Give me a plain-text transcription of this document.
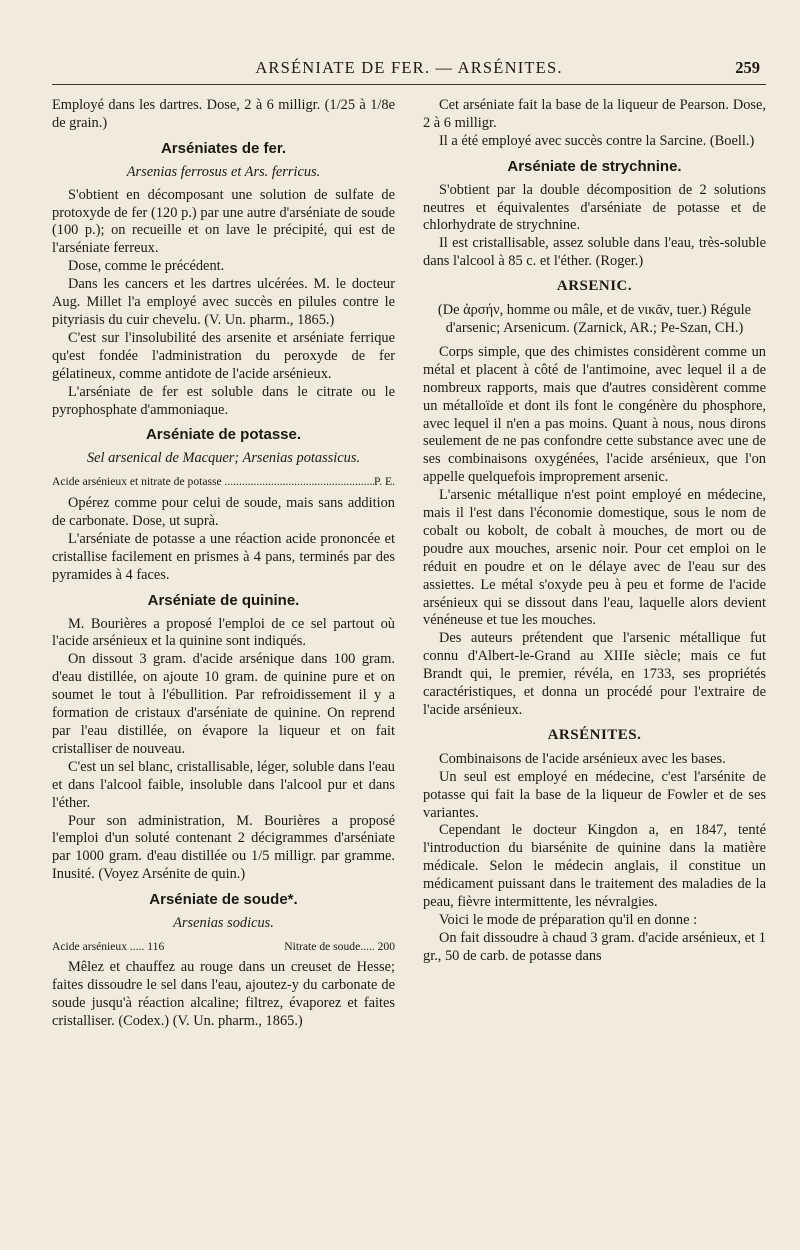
ARSÉNIATE DE FER. — ARSÉNITES.	259

Employé dans les dartres. Dose, 2 à 6 milligr. (1/25 à 1/8e de grain.)

Arséniates de fer.
Arsenias ferrosus et Ars. ferricus.

S'obtient en décomposant une solution de sulfate de protoxyde de fer (120 p.) par une autre d'arséniate de soude (100 p.); on recueille et on lave le précipité, qui est de l'arséniate ferreux.

Dose, comme le précédent.

Dans les cancers et les dartres ulcérées. M. le docteur Aug. Millet l'a employé avec succès en pilules contre le pityriasis du cuir chevelu. (V. Un. pharm., 1865.)

C'est sur l'insolubilité des arsenite et arséniate ferrique qu'est fondée l'administration du peroxyde de fer gélatineux, comme antidote de l'acide arsénieux.

L'arséniate de fer est soluble dans le citrate ou le pyrophosphate d'ammoniaque.

Arséniate de potasse.
Sel arsenical de Macquer; Arsenias potassicus.
Acide arsénieux et nitrate de potasse .....	P. E.

Opérez comme pour celui de soude, mais sans addition de carbonate. Dose, ut suprà.

L'arséniate de potasse a une réaction acide prononcée et cristallise facilement en prismes à 4 pans, terminés par des pyramides à 4 faces.

Arséniate de quinine.

M. Bourières a proposé l'emploi de ce sel partout où l'acide arsénieux et la quinine sont indiqués.

On dissout 3 gram. d'acide arsénique dans 100 gram. d'eau distillée, on ajoute 10 gram. de quinine pure et on soumet le tout à l'ébullition. Par refroidissement il y a formation de cristaux d'arséniate de quinine. On reprend par l'eau distillée, on évapore la liqueur et on fait cristalliser de nouveau.

C'est un sel blanc, cristallisable, léger, soluble dans l'eau et dans l'alcool faible, insoluble dans l'alcool pur et dans l'éther.

Pour son administration, M. Bourières a proposé l'emploi d'un soluté contenant 2 décigrammes d'arséniate par 1000 gram. d'eau distillée ou 1/5 milligr. par gramme. Inusité. (Voyez Arsénite de quin.)

Arséniate de soude*.
Arsenias sodicus.
Acide arsénieux ..... 116	Nitrate de soude..... 200

Mêlez et chauffez au rouge dans un creuset de Hesse; faites dissoudre le sel dans l'eau, ajoutez-y du carbonate de soude jusqu'à réaction alcaline; filtrez, évaporez et faites cristalliser. (Codex.) (V. Un. pharm., 1865.)

Cet arséniate fait la base de la liqueur de Pearson. Dose, 2 à 6 milligr.

Il a été employé avec succès contre la Sarcine. (Boell.)

Arséniate de strychnine.

S'obtient par la double décomposition de 2 solutions neutres et équivalentes d'arséniate de potasse et de chlorhydrate de strychnine.

Il est cristallisable, assez soluble dans l'eau, très-soluble dans l'alcool à 85 c. et l'éther. (Roger.)

ARSENIC.

(De ἀρσήν, homme ou mâle, et de νικᾶν, tuer.) Régule d'arsenic; Arsenicum. (Zarnick, AR.; Pe-Szan, CH.)

Corps simple, que des chimistes considèrent comme un métal et placent à côté de l'antimoine, avec lequel il a de nombreux rapports, mais que d'autres considèrent comme un métalloïde et dont ils font le congénère du phosphore, avec lequel il n'en a pas moins. Quant à nous, nous dirons seulement de ne pas confondre cette substance avec une de ses combinaisons oxygénées, l'acide arsénieux, que l'on appelle quelquefois improprement arsenic.

L'arsenic métallique n'est point employé en médecine, mais il l'est dans l'économie domestique, sous le nom de cobalt ou kobolt, de cobalt à mouches, de mort ou de poudre aux mouches, arsenic noir. Pour cet emploi on le réduit en poudre et on le délaye avec de l'eau sur des assiettes. Le métal s'oxyde peu à peu et forme de l'acide arsénieux qui se dissout dans l'eau, laquelle alors devient vénéneuse et tue les mouches.

Des auteurs prétendent que l'arsenic métallique fut connu d'Albert-le-Grand au XIIIe siècle; mais ce fut Brandt qui, le premier, révéla, en 1733, ses propriétés caractéristiques, et donna un procédé pour l'extraire de l'acide arsénieux.

ARSÉNITES.

Combinaisons de l'acide arsénieux avec les bases.

Un seul est employé en médecine, c'est l'arsénite de potasse qui fait la base de la liqueur de Fowler et de ses variantes.

Cependant le docteur Kingdon a, en 1847, tenté l'introduction du biarsénite de quinine dans la matière médicale. Selon le médecin anglais, il constitue un médicament puissant dans le traitement des maladies de la peau, fièvre intermittente, les névralgies.

Voici le mode de préparation qu'il en donne :

On fait dissoudre à chaud 3 gram. d'acide arsénieux, et 1 gr., 50 de carb. de potasse dans
